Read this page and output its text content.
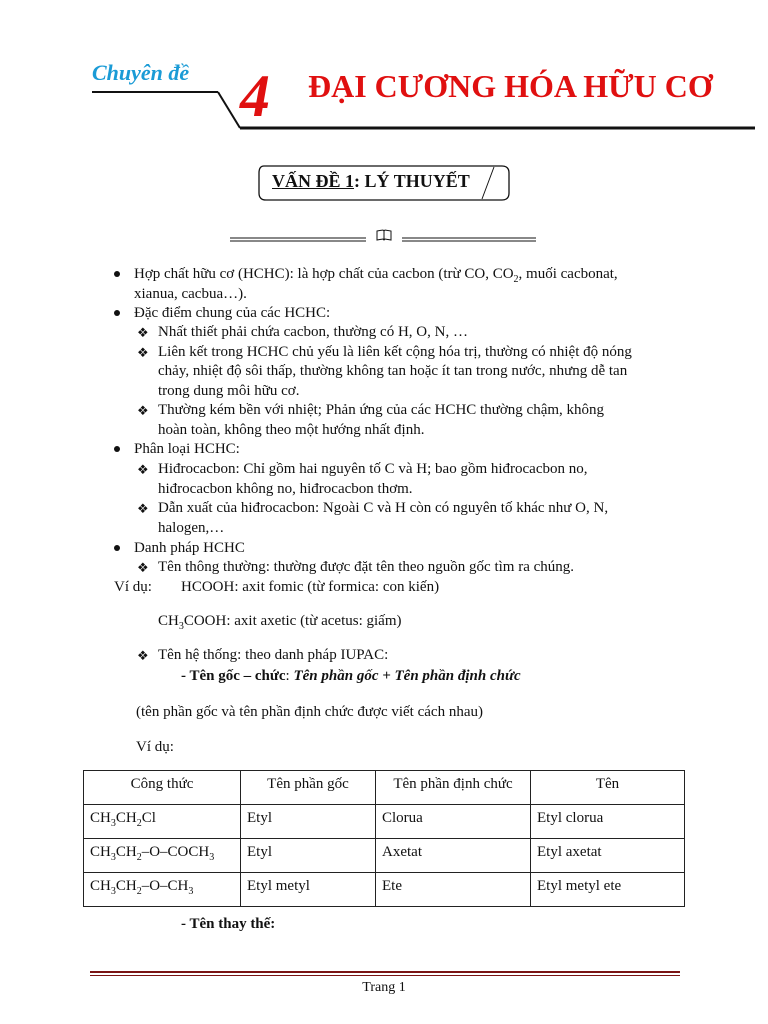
Chuyên đề 4 ĐẠI CƯƠNG HÓA HỮU CƠ
VẤN ĐỀ 1: LÝ THUYẾT
Hợp chất hữu cơ (HCHC): là hợp chất của cacbon (trừ CO, $CO_2$, muối cacbonat,
xianua, cacbua…).
Đặc điểm chung của các HCHC:
❖ Nhất thiết phải chứa cacbon, thường có H, O, N, …
❖ Liên kết trong HCHC chủ yếu là liên kết cộng hóa trị, thường có nhiệt độ nóng
chảy, nhiệt độ sôi thấp, thường không tan hoặc ít tan trong nước, nhưng dễ tan
trong dung môi hữu cơ.
❖ Thường kém bền với nhiệt; Phản ứng của các HCHC thường chậm, không
hoàn toàn, không theo một hướng nhất định.
Phân loại HCHC:
❖ Hiđrocacbon: Chỉ gồm hai nguyên tố C và H; bao gồm hiđrocacbon no,
hiđrocacbon không no, hiđrocacbon thơm.
❖ Dẫn xuất của hiđrocacbon: Ngoài C và H còn có nguyên tố khác như O, N,
halogen,…
Danh pháp HCHC
❖ Tên thông thường: thường được đặt tên theo nguồn gốc tìm ra chúng.
Ví dụ: HCOOH: axit fomic (từ formica: con kiến)
$CH_3COOH$: axit axetic (từ acetus: giấm)
❖ Tên hệ thống: theo danh pháp IUPAC:
- Tên gốc – chức: Tên phần gốc + Tên phần định chức
(tên phần gốc và tên phần định chức được viết cách nhau)
Ví dụ:
Công thức	Tên phần gốc	Tên phần định chức	Tên
$CH_3CH_2Cl$	Etyl	Clorua	Etyl clorua
$CH_3CH_2-O-COCH_3$	Etyl	Axetat	Etyl axetat
$CH_3CH_2-O-CH_3$	Etyl metyl	Ete	Etyl metyl ete
- Tên thay thế:
Trang 1
